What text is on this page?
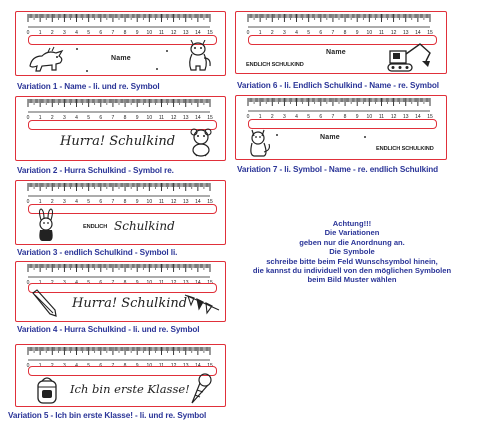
0 1 2 3 4 5 6 7 8 9 10 11 12 13 14 15
Name
Variation 1 - Name - li. und re. Symbol
0 1 2 3 4 5 6 7 8 9 10 11 12 13 14 15
Hurra! Schulkind
Variation 2 - Hurra Schulkind - Symbol re.
0 1 2 3 4 5 6 7 8 9 10 11 12 13 14 15
ENDLICH Schulkind
Variation 3 - endlich Schulkind - Symbol li.
0 1 2 3 4 5 6 7 8 9 10 11 12 13 14 15
Hurra! Schulkind
Variation 4 - Hurra Schulkind - li. und re. Symbol
0 1 2 3 4 5 6 7 8 9 10 11 12 13 14 15
Ich bin erste Klasse!
Variation 5 - Ich bin erste Klasse! - li. und re. Symbol
0 1 2 3 4 5 6 7 8 9 10 11 12 13 14 15
Name
ENDLICH SCHULKIND
Variation 6 - li. Endlich Schulkind - Name - re. Symbol
0 1 2 3 4 5 6 7 8 9 10 11 12 13 14 15
Name
ENDLICH SCHULKIND
Variation 7 - li. Symbol - Name - re. endlich Schulkind
Achtung!!!
Die Variationen
geben nur die Anordnung an.
Die Symbole
schreibe bitte beim Feld Wunschsymbol hinein,
die kannst du individuell von den möglichen Symbolen
beim Bild Muster wählen
